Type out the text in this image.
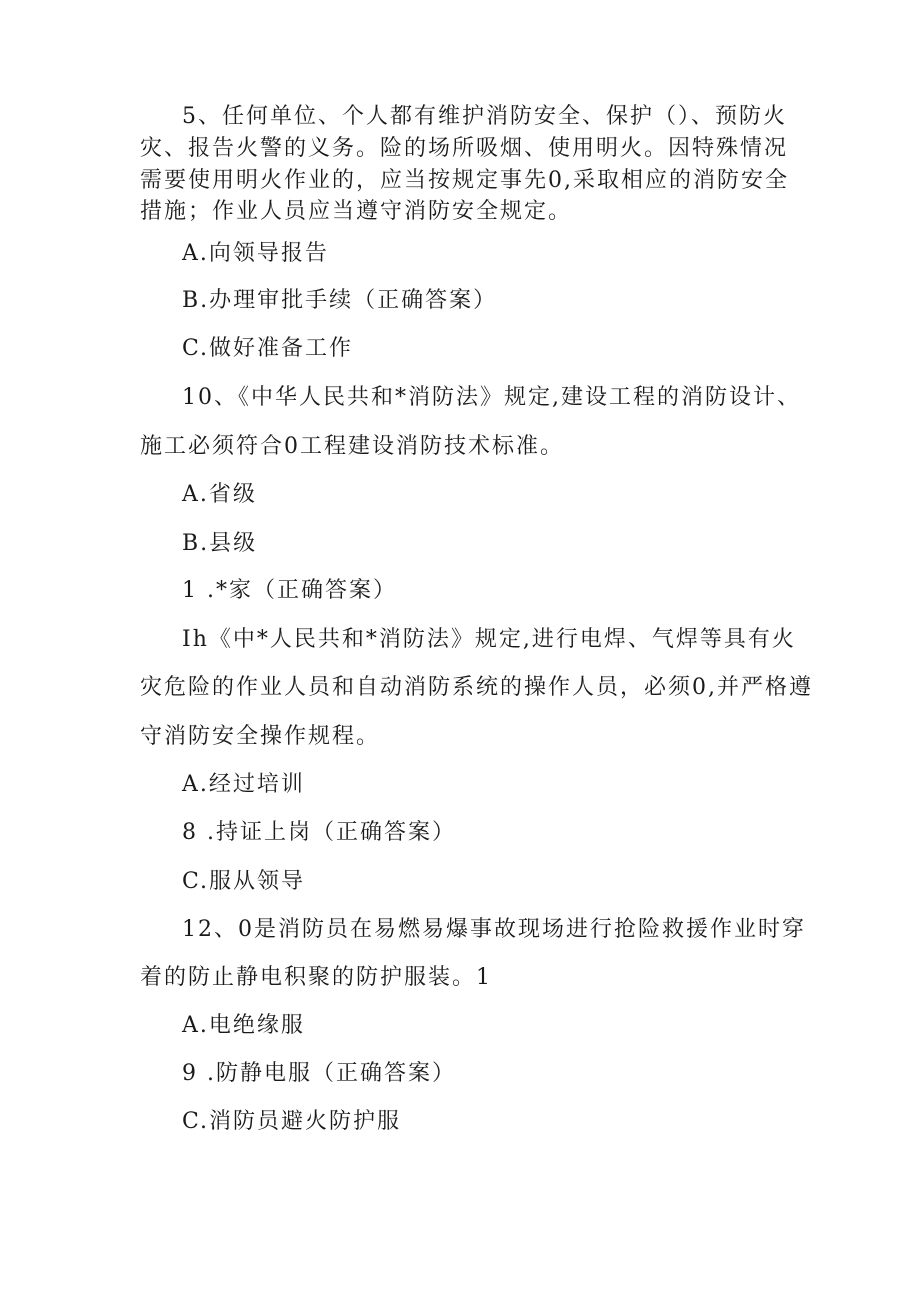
5、任何单位、个人都有维护消防安全、保护（）、预防火
灾、报告火警的义务。险的场所吸烟、使用明火。因特殊情况
需要使用明火作业的，应当按规定事先0,采取相应的消防安全
措施；作业人员应当遵守消防安全规定。
A.向领导报告
B.办理审批手续（正确答案）
C.做好准备工作
10、《中华人民共和*消防法》规定,建设工程的消防设计、
施工必须符合0工程建设消防技术标准。
A.省级
B.县级
1 .*家（正确答案）
Ih《中*人民共和*消防法》规定,进行电焊、气焊等具有火
灾危险的作业人员和自动消防系统的操作人员，必须0,并严格遵
守消防安全操作规程。
A.经过培训
8 .持证上岗（正确答案）
C.服从领导
12、0是消防员在易燃易爆事故现场进行抢险救援作业时穿
着的防止静电积聚的防护服装。1
A.电绝缘服
9 .防静电服（正确答案）
C.消防员避火防护服
